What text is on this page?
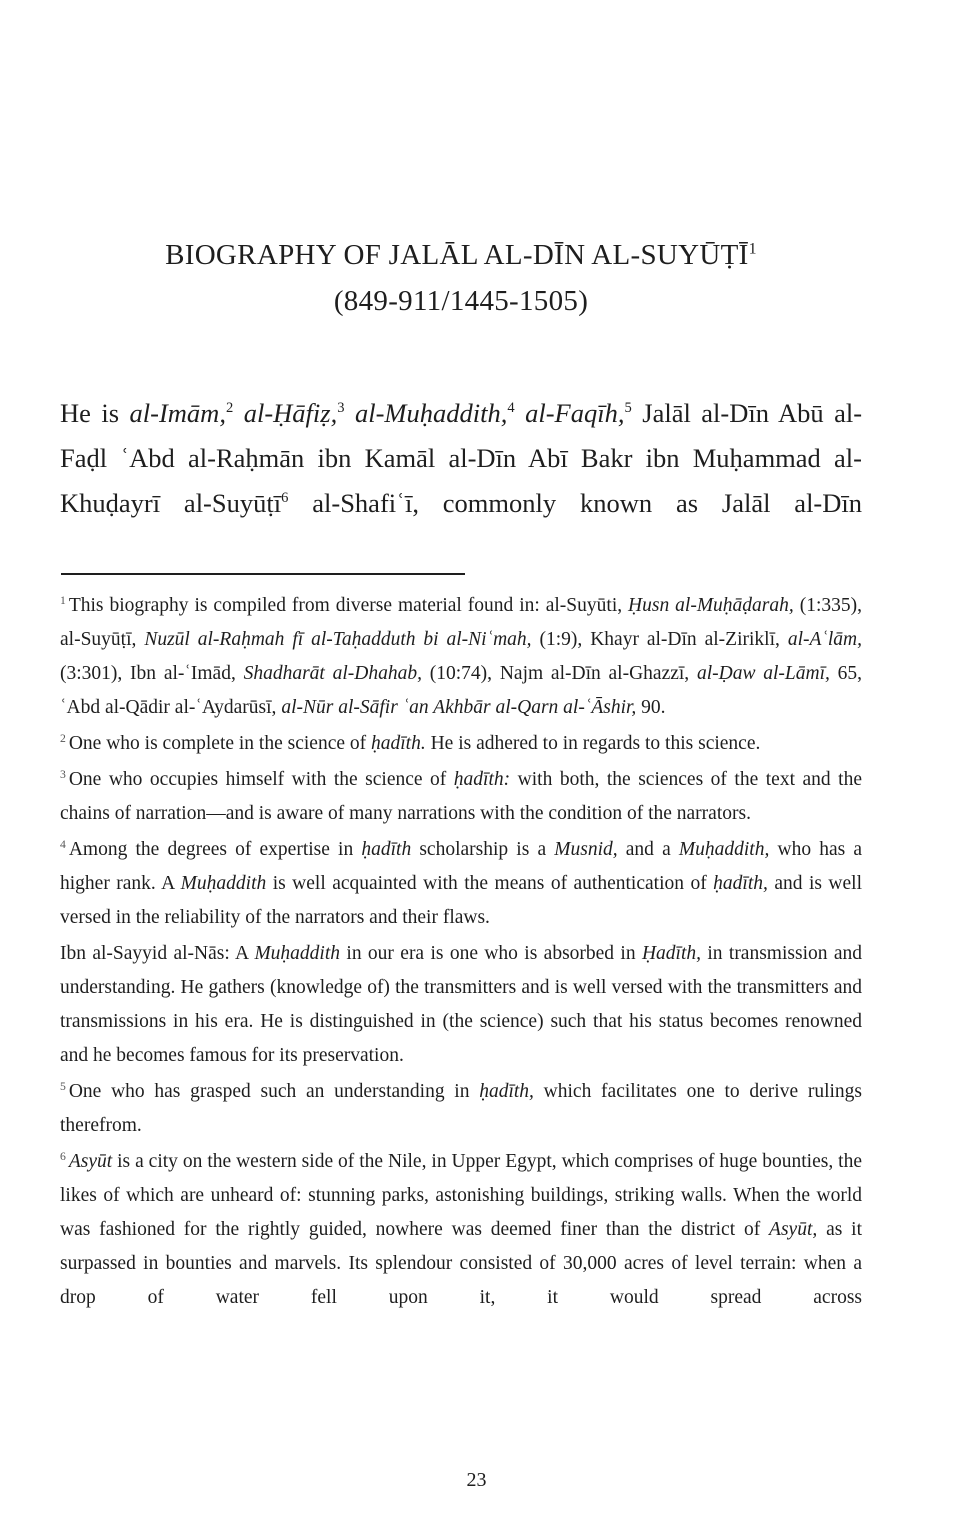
BIOGRAPHY OF JALĀL AL-DĪN AL-SUYŪṬĪ$^1$
(849-911/1445-1505)
He is al-Imām,$^2$ al-Ḥāfiẓ,$^3$ al-Muḥaddith,$^4$ al-Faqīh,$^5$ Jalāl al-Dīn Abū al-Faḍl ʿAbd al-Raḥmān ibn Kamāl al-Dīn Abī Bakr ibn Muḥammad al-Khuḍayrī al-Suyūṭī$^6$ al-Shafiʿī, commonly known as Jalāl al-Dīn

$^1$ This biography is compiled from diverse material found in: al-Suyūti, Ḥusn al-Muḥāḍarah, (1:335), al-Suyūṭī, Nuzūl al-Raḥmah fī al-Taḥadduth bi al-Niʿmah, (1:9), Khayr al-Dīn al-Ziriklī, al-Aʿlām, (3:301), Ibn al-ʿImād, Shadharāt al-Dhahab, (10:74), Najm al-Dīn al-Ghazzī, al-Ḍaw al-Lāmī, 65, ʿAbd al-Qādir al-ʿAydarūsī, al-Nūr al-Sāfir ʿan Akhbār al-Qarn al-ʿĀshir, 90.

$^2$ One who is complete in the science of ḥadīth. He is adhered to in regards to this science.

$^3$ One who occupies himself with the science of ḥadīth: with both, the sciences of the text and the chains of narration—and is aware of many narrations with the condition of the narrators.

$^4$ Among the degrees of expertise in ḥadīth scholarship is a Musnid, and a Muḥaddith, who has a higher rank. A Muḥaddith is well acquainted with the means of authentication of ḥadīth, and is well versed in the reliability of the narrators and their flaws.

Ibn al-Sayyid al-Nās: A Muḥaddith in our era is one who is absorbed in Ḥadīth, in transmission and understanding. He gathers (knowledge of) the transmitters and is well versed with the transmitters and transmissions in his era. He is distinguished in (the science) such that his status becomes renowned and he becomes famous for its preservation.

$^5$ One who has grasped such an understanding in ḥadīth, which facilitates one to derive rulings therefrom.

$^6$ Asyūt is a city on the western side of the Nile, in Upper Egypt, which comprises of huge bounties, the likes of which are unheard of: stunning parks, astonishing buildings, striking walls. When the world was fashioned for the rightly guided, nowhere was deemed finer than the district of Asyūt, as it surpassed in bounties and marvels. Its splendour consisted of 30,000 acres of level terrain: when a drop of water fell upon it, it would spread across

23
